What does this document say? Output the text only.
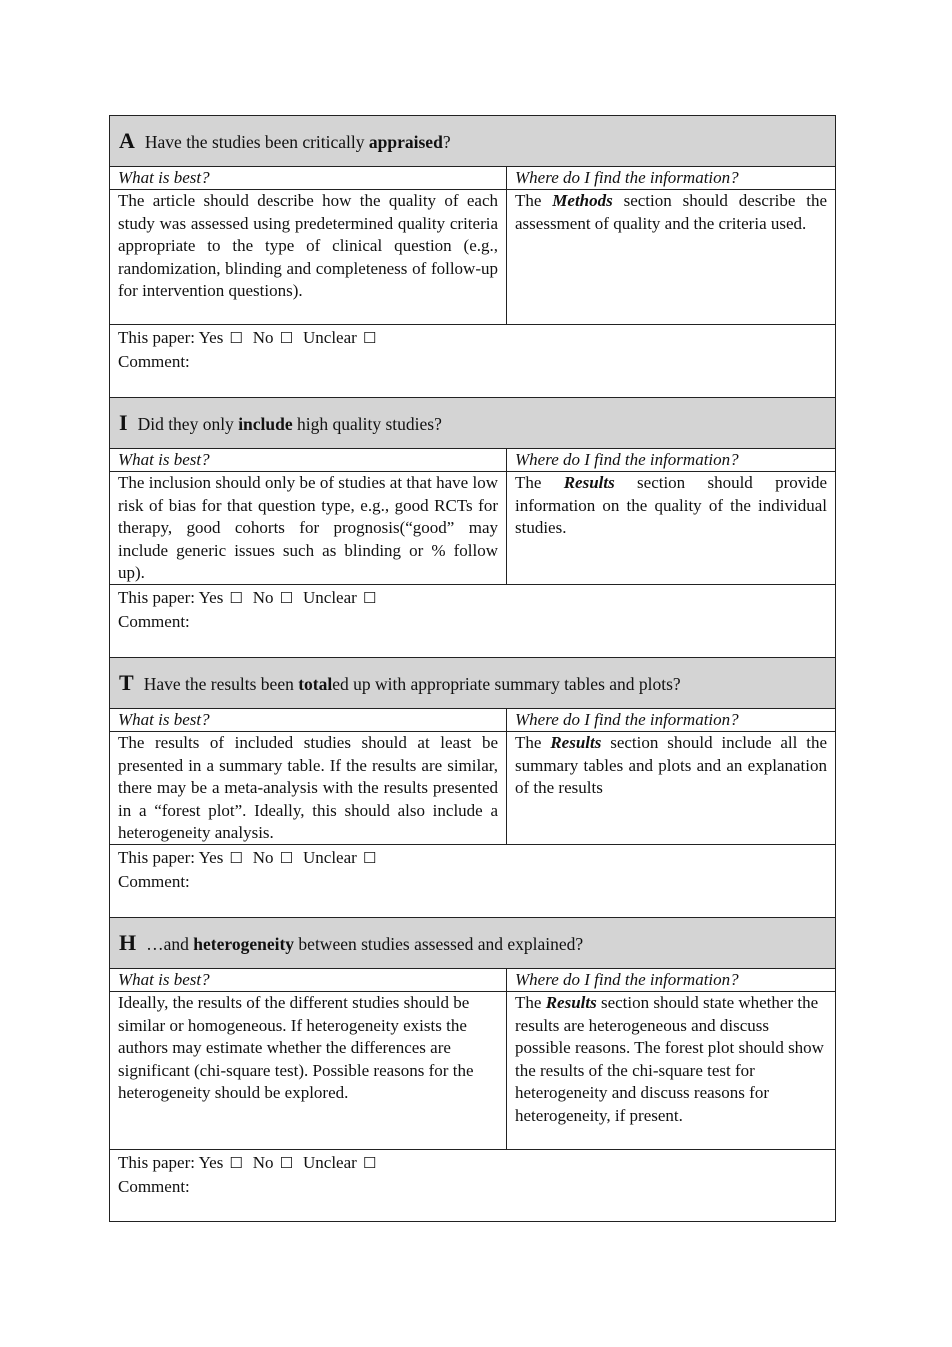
A Have the studies been critically appraised?
What is best?	Where do I find the information?
The article should describe how the quality of each study was assessed using predetermined quality criteria appropriate to the type of clinical question (e.g., randomization, blinding and completeness of follow-up for intervention questions).
The Methods section should describe the assessment of quality and the criteria used.
This paper: Yes ☐ No ☐ Unclear ☐
Comment:
I Did they only include high quality studies?
What is best?	Where do I find the information?
The inclusion should only be of studies at that have low risk of bias for that question type, e.g., good RCTs for therapy, good cohorts for prognosis(“good” may include generic issues such as blinding or % follow up).
The Results section should provide information on the quality of the individual studies.
This paper: Yes ☐ No ☐ Unclear ☐
Comment:
T Have the results been totaled up with appropriate summary tables and plots?
What is best?	Where do I find the information?
The results of included studies should at least be presented in a summary table. If the results are similar, there may be a meta-analysis with the results presented in a “forest plot”. Ideally, this should also include a heterogeneity analysis.
The Results section should include all the summary tables and plots and an explanation of the results
This paper: Yes ☐ No ☐ Unclear ☐
Comment:
H …and heterogeneity between studies assessed and explained?
What is best?	Where do I find the information?
Ideally, the results of the different studies should be similar or homogeneous. If heterogeneity exists the authors may estimate whether the differences are significant (chi-square test). Possible reasons for the heterogeneity should be explored.
The Results section should state whether the results are heterogeneous and discuss possible reasons. The forest plot should show the results of the chi-square test for heterogeneity and discuss reasons for heterogeneity, if present.
This paper: Yes ☐ No ☐ Unclear ☐
Comment:
